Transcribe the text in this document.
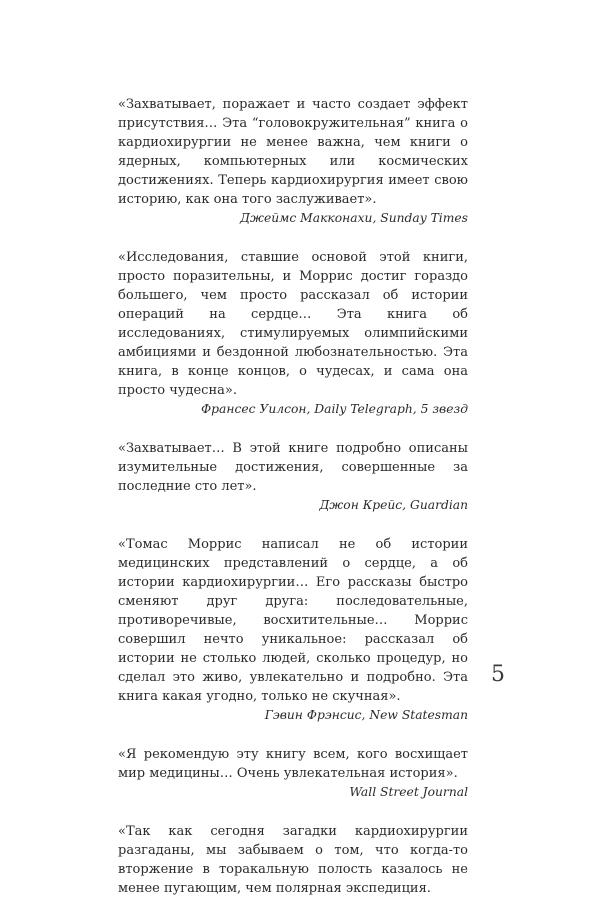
«Захватывает, поражает и часто создает эффект присутствия… Эта “головокружительная” книга о кардиохирургии не менее важна, чем книги о ядерных, компьютерных или космических достижениях. Теперь кардиохирургия имеет свою историю, как она того заслуживает».

Джеймс Макконахи, Sunday Times

«Исследования, ставшие основой этой книги, просто поразительны, и Моррис достиг гораздо большего, чем просто рассказал об истории операций на сердце… Эта книга об исследованиях, стимулируемых олимпийскими амбициями и бездонной любознательностью. Эта книга, в конце концов, о чудесах, и сама она просто чудесна».

Франсес Уилсон, Daily Telegraph, 5 звезд

«Захватывает… В этой книге подробно описаны изумительные достижения, совершенные за последние сто лет».

Джон Крейс, Guardian

«Томас Моррис написал не об истории медицинских представлений о сердце, а об истории кардиохирургии… Его рассказы быстро сменяют друг друга: последовательные, противоречивые, восхитительные… Моррис совершил нечто уникальное: рассказал об истории не столько людей, сколько процедур, но сделал это живо, увлекательно и подробно. Эта книга какая угодно, только не скучная».

Гэвин Фрэнсис, New Statesman

«Я рекомендую эту книгу всем, кого восхищает мир медицины… Очень увлекательная история».

Wall Street Journal

«Так как сегодня загадки кардиохирургии разгаданы, мы забываем о том, что когда-то вторжение в торакальную полость казалось не менее пугающим, чем полярная экспедиция.

5
